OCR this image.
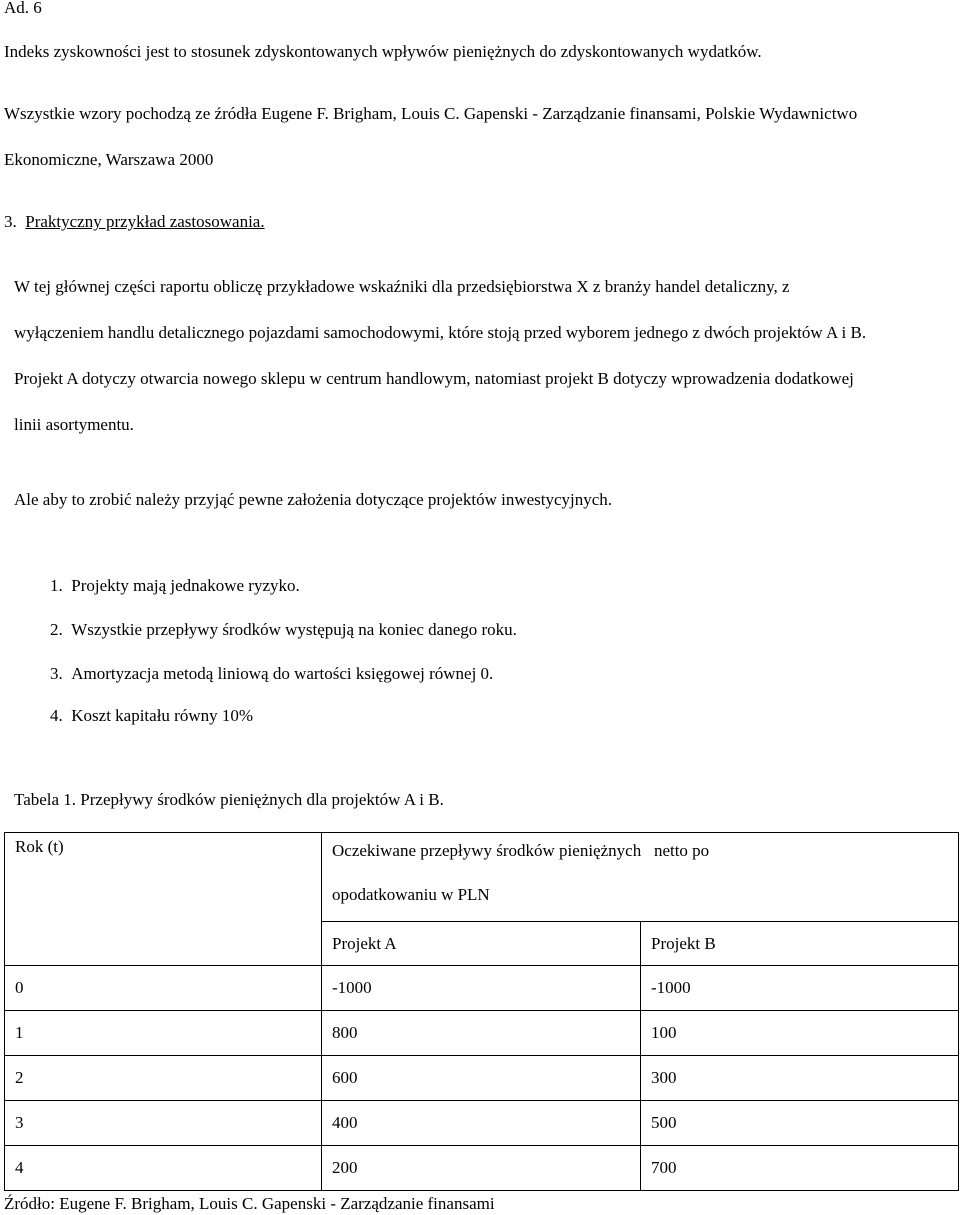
Ad. 6
Indeks zyskowności jest to stosunek zdyskontowanych wpływów pieniężnych do zdyskontowanych wydatków.
Wszystkie wzory pochodzą ze źródła Eugene F. Brigham, Louis C. Gapenski - Zarządzanie finansami, Polskie Wydawnictwo
Ekonomiczne, Warszawa 2000
3. Praktyczny przykład zastosowania.
W tej głównej części raportu obliczę przykładowe wskaźniki dla przedsiębiorstwa X z branży handel detaliczny, z
wyłączeniem handlu detalicznego pojazdami samochodowymi, które stoją przed wyborem jednego z dwóch projektów A i B.
Projekt A dotyczy otwarcia nowego sklepu w centrum handlowym, natomiast projekt B dotyczy wprowadzenia dodatkowej
linii asortymentu.
Ale aby to zrobić należy przyjąć pewne założenia dotyczące projektów inwestycyjnych.
1. Projekty mają jednakowe ryzyko.
2. Wszystkie przepływy środków występują na koniec danego roku.
3. Amortyzacja metodą liniową do wartości księgowej równej 0.
4. Koszt kapitału równy 10%
Tabela 1. Przepływy środków pieniężnych dla projektów A i B.
Rok (t)	Oczekiwane przepływy środków pieniężnych   netto po
opodatkowaniu w PLN	

	Projekt A	Projekt B
0	-1000	-1000
1	800	100
2	600	300
3	400	500
4	200	700
Źródło: Eugene F. Brigham, Louis C. Gapenski - Zarządzanie finansami
